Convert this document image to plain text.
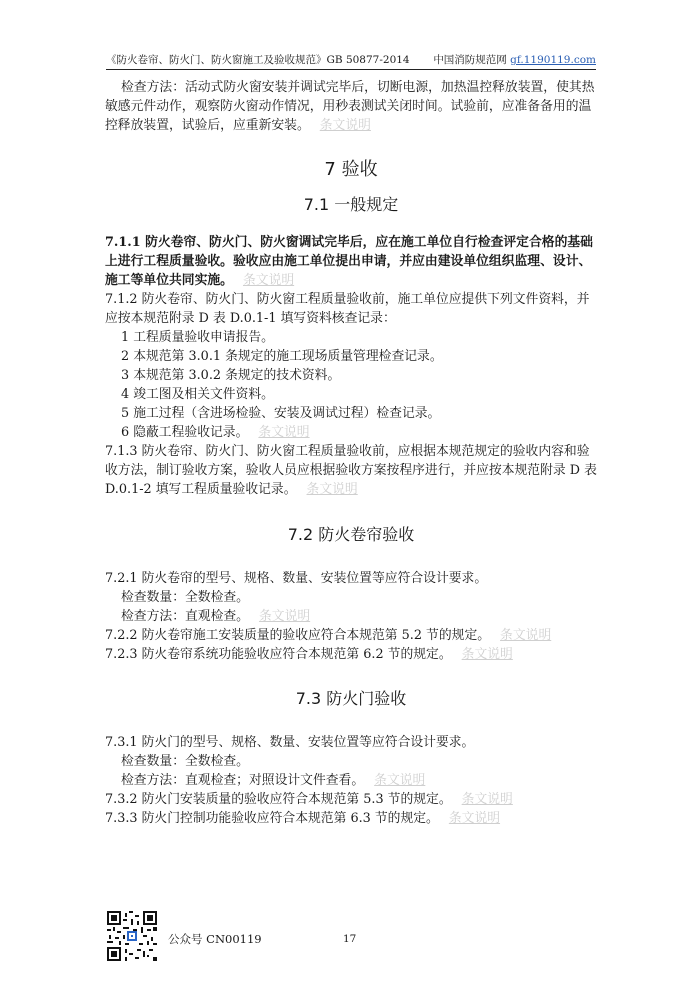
《防火卷帘、防火门、防火窗施工及验收规范》GB 50877-2014 中国消防规范网 gf.1190119.com

检查方法：活动式防火窗安装并调试完毕后，切断电源，加热温控释放装置，使其热敏感元件动作，观察防火窗动作情况，用秒表测试关闭时间。试验前，应准备备用的温控释放装置，试验后，应重新安装。 条文说明

7 验收
7.1 一般规定

7.1.1 防火卷帘、防火门、防火窗调试完毕后，应在施工单位自行检查评定合格的基础上进行工程质量验收。验收应由施工单位提出申请，并应由建设单位组织监理、设计、施工等单位共同实施。 条文说明

7.1.2 防火卷帘、防火门、防火窗工程质量验收前，施工单位应提供下列文件资料，并应按本规范附录 D 表 D.0.1-1 填写资料核查记录：

1 工程质量验收申请报告。

2 本规范第 3.0.1 条规定的施工现场质量管理检查记录。

3 本规范第 3.0.2 条规定的技术资料。

4 竣工图及相关文件资料。

5 施工过程（含进场检验、安装及调试过程）检查记录。

6 隐蔽工程验收记录。 条文说明

7.1.3 防火卷帘、防火门、防火窗工程质量验收前，应根据本规范规定的验收内容和验收方法，制订验收方案，验收人员应根据验收方案按程序进行，并应按本规范附录 D 表 D.0.1-2 填写工程质量验收记录。 条文说明

7.2 防火卷帘验收

7.2.1 防火卷帘的型号、规格、数量、安装位置等应符合设计要求。

检查数量：全数检查。

检查方法：直观检查。 条文说明

7.2.2 防火卷帘施工安装质量的验收应符合本规范第 5.2 节的规定。 条文说明

7.2.3 防火卷帘系统功能验收应符合本规范第 6.2 节的规定。 条文说明

7.3 防火门验收

7.3.1 防火门的型号、规格、数量、安装位置等应符合设计要求。

检查数量：全数检查。

检查方法：直观检查；对照设计文件查看。 条文说明

7.3.2 防火门安装质量的验收应符合本规范第 5.3 节的规定。 条文说明

7.3.3 防火门控制功能验收应符合本规范第 6.3 节的规定。 条文说明

公众号 CN00119	17
